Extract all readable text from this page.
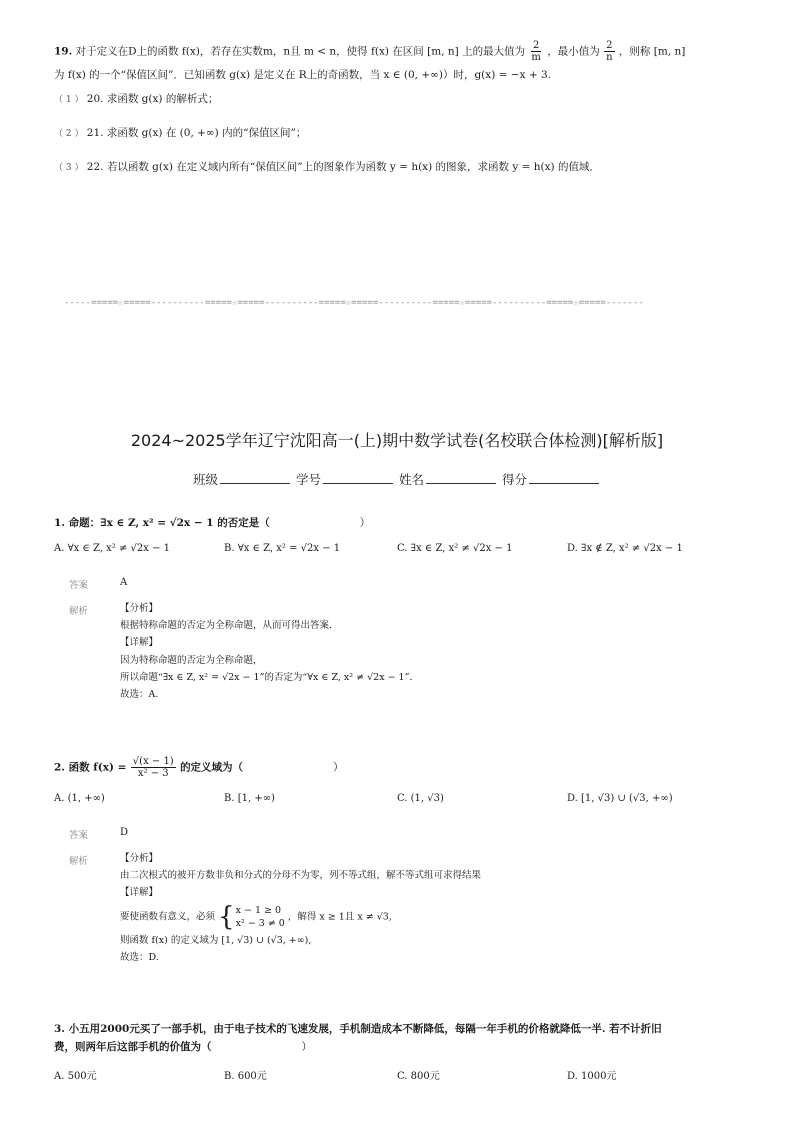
19. 对于定义在D上的函数 f(x)，若存在实数m，n且 m < n，使得 f(x) 在区间 [m, n] 上的最大值为 $\frac{2}{m}$ ，最小值为 $\frac{2}{n}$ ，则称 [m, n]
为 f(x) 的一个“保值区间”．已知函数 g(x) 是定义在 R上的奇函数，当 x ∈ (0, +∞)）时，g(x) = −x + 3.
（ 1 ） 20. 求函数 g(x) 的解析式；
（ 2 ） 21. 求函数 g(x) 在 (0, +∞) 内的“保值区间”；
（ 3 ） 22. 若以函数 g(x) 在定义域内所有“保值区间”上的图象作为函数 y = h(x) 的图象，求函数 y = h(x) 的值域．
-----=====☆=====----------=====☆=====----------=====☆=====----------=====☆=====----------=====☆=====-------
2024~2025学年辽宁沈阳高一(上)期中数学试卷(名校联合体检测)[解析版]
班级	学号	姓名	得分
1. 命题：∃x ∈ Z, x² = √2x − 1 的否定是（	）
A. ∀x ∈ Z, x² ≠ √2x − 1	B. ∀x ∈ Z, x² = √2x − 1	C. ∃x ∈ Z, x² ≠ √2x − 1	D. ∃x ∉ Z, x² ≠ √2x − 1
答案	A
解析	【分析】
根据特称命题的否定为全称命题，从而可得出答案.
【详解】
因为特称命题的否定为全称命题，
所以命题“∃x ∈ Z, x² = √2x − 1”的否定为“∀x ∈ Z, x² ≠ √2x − 1”．
故选：A.
2. 函数 $f(x) = \frac{√(x - 1)}{\text{x² − 3}}$ 的定义域为（	）
A. (1, +∞)	B. [1, +∞)	C. (1, √3)	D. [1, √3) ∪ (√3, +∞)
答案	D
解析	【分析】
由二次根式的被开方数非负和分式的分母不为零，列不等式组，解不等式组可求得结果
【详解】
要使函数有意义，必须 { x − 1 ≥ 0
x² − 3 ≠ 0
，解得 x ≥ 1且 x ≠ √3,
则函数 f(x) 的定义域为 [1, √3) ∪ (√3, +∞),
故选：D.
3. 小五用2000元买了一部手机，由于电子技术的飞速发展，手机制造成本不断降低，每隔一年手机的价格就降低一半. 若不计折旧
费，则两年后这部手机的价值为（	）
A. 500元	B. 600元	C. 800元	D. 1000元
